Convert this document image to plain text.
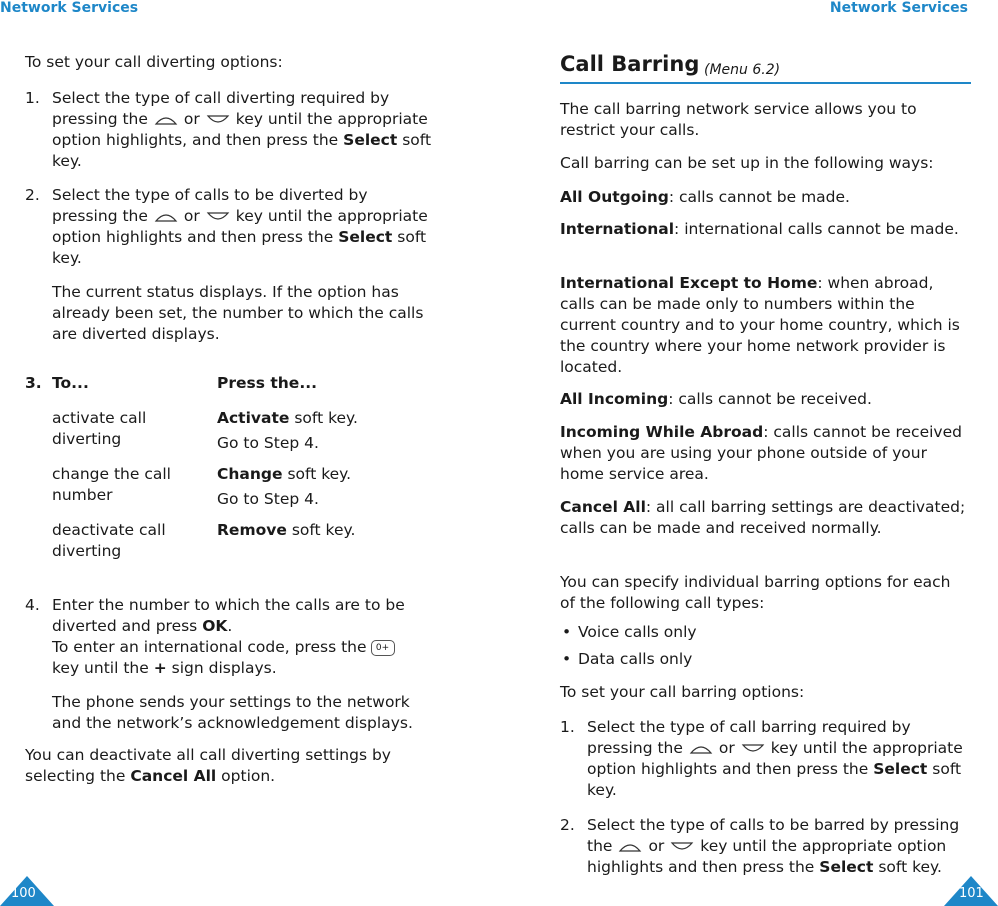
Network Services	Network Services

To set your call diverting options:

1. Select the type of call diverting required by pressing the or key until the appropriate option highlights, and then press the Select soft key.

2. Select the type of calls to be diverted by pressing the or key until the appropriate option highlights and then press the Select soft key.

The current status displays. If the option has already been set, the number to which the calls are diverted displays.

3. To...	Press the...

activate call diverting

Activate soft key.

Go to Step 4.

change the call number

Change soft key.

Go to Step 4.

deactivate call diverting

Remove soft key.

4. Enter the number to which the calls are to be diverted and press OK.
To enter an international code, press the 0+
key until the + sign displays.

The phone sends your settings to the network and the network’s acknowledgement displays.

You can deactivate all call diverting settings by selecting the Cancel All option.

100
Call Barring (Menu 6.2)

The call barring network service allows you to restrict your calls.

Call barring can be set up in the following ways:

All Outgoing: calls cannot be made.

International: international calls cannot be made.

International Except to Home: when abroad, calls can be made only to numbers within the current country and to your home country, which is the country where your home network provider is located.

All Incoming: calls cannot be received.

Incoming While Abroad: calls cannot be received when you are using your phone outside of your home service area.

Cancel All: all call barring settings are deactivated; calls can be made and received normally.

You can specify individual barring options for each of the following call types:

• Voice calls only

• Data calls only

To set your call barring options:

1. Select the type of call barring required by pressing the or key until the appropriate option highlights and then press the Select soft key.

2. Select the type of calls to be barred by pressing the or key until the appropriate option highlights and then press the Select soft key.

101
